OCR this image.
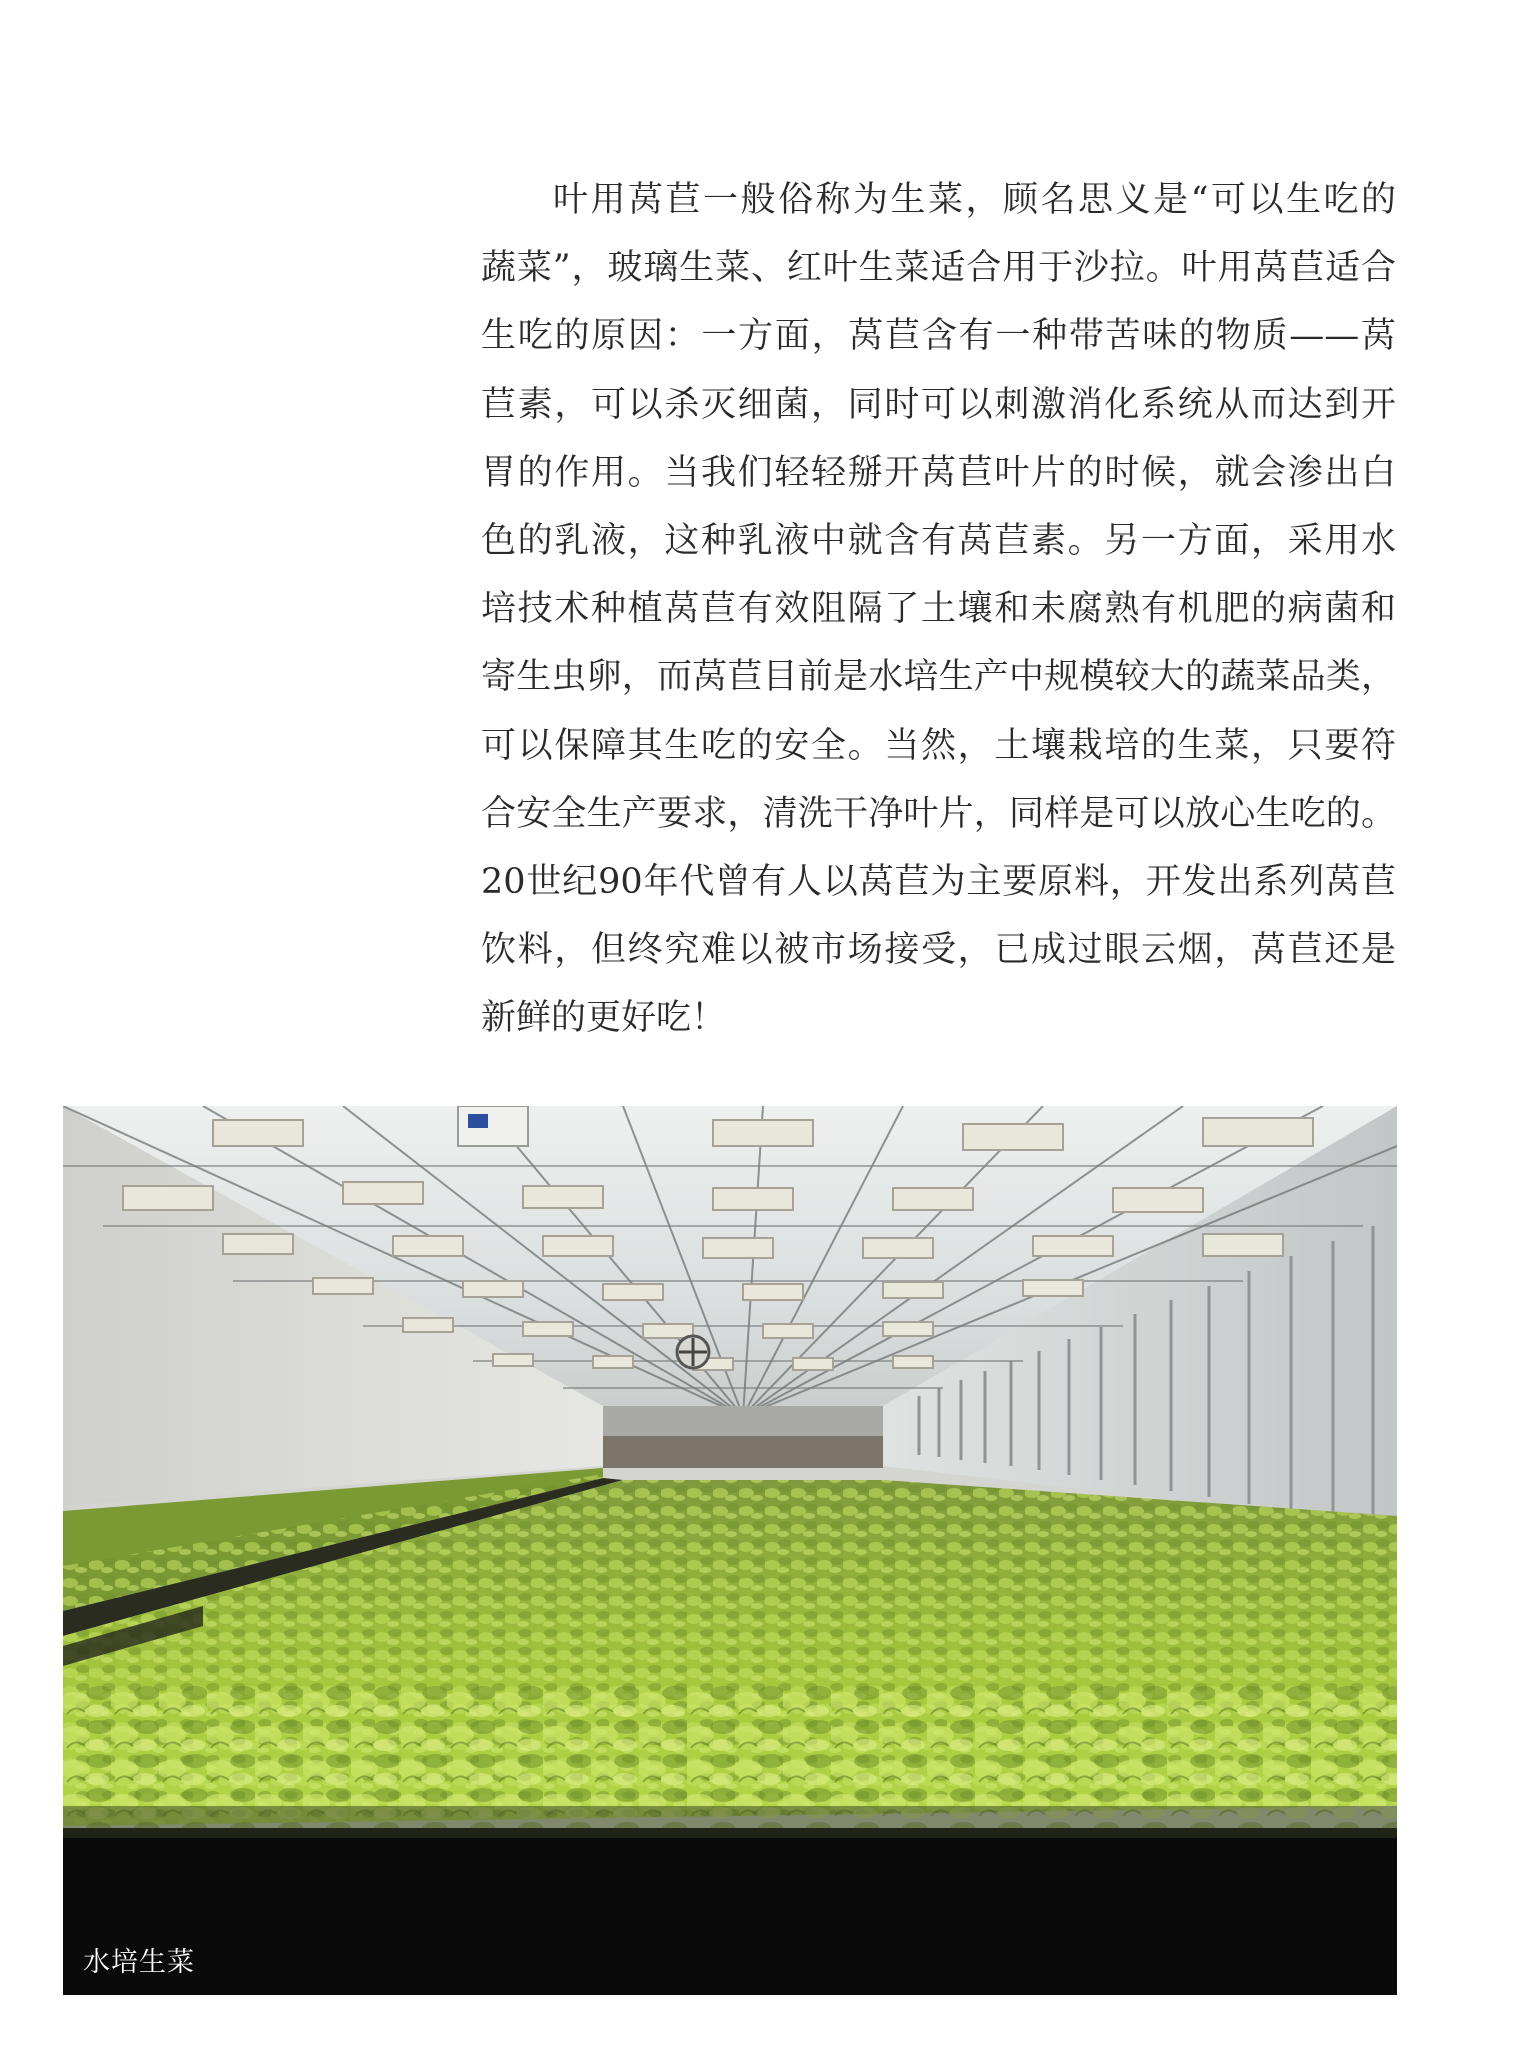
叶用莴苣一般俗称为生菜，顾名思义是“可以生吃的
蔬菜”，玻璃生菜、红叶生菜适合用于沙拉。叶用莴苣适合
生吃的原因：一方面，莴苣含有一种带苦味的物质——莴
苣素，可以杀灭细菌，同时可以刺激消化系统从而达到开
胃的作用。当我们轻轻掰开莴苣叶片的时候，就会渗出白
色的乳液，这种乳液中就含有莴苣素。另一方面，采用水
培技术种植莴苣有效阻隔了土壤和未腐熟有机肥的病菌和
寄生虫卵，而莴苣目前是水培生产中规模较大的蔬菜品类，
可以保障其生吃的安全。当然，土壤栽培的生菜，只要符
合安全生产要求，清洗干净叶片，同样是可以放心生吃的。
20世纪90年代曾有人以莴苣为主要原料，开发出系列莴苣
饮料，但终究难以被市场接受，已成过眼云烟，莴苣还是
新鲜的更好吃！
水培生菜
